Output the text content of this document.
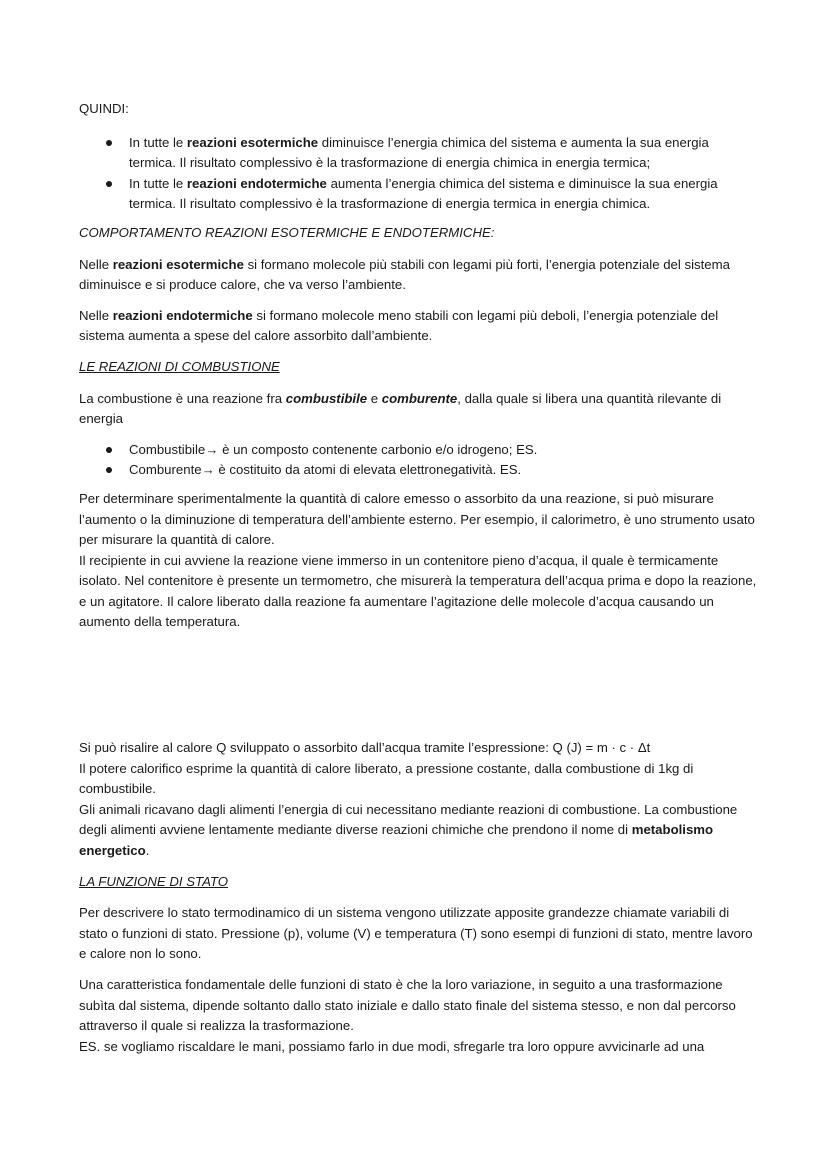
QUINDI:

In tutte le reazioni esotermiche diminuisce l’energia chimica del sistema e aumenta la sua energia termica. Il risultato complessivo è la trasformazione di energia chimica in energia termica;
In tutte le reazioni endotermiche aumenta l’energia chimica del sistema e diminuisce la sua energia termica. Il risultato complessivo è la trasformazione di energia termica in energia chimica.

COMPORTAMENTO REAZIONI ESOTERMICHE E ENDOTERMICHE:

Nelle reazioni esotermiche si formano molecole più stabili con legami più forti, l’energia potenziale del sistema diminuisce e si produce calore, che va verso l’ambiente.

Nelle reazioni endotermiche si formano molecole meno stabili con legami più deboli, l’energia potenziale del sistema aumenta a spese del calore assorbito dall’ambiente.

LE REAZIONI DI COMBUSTIONE

La combustione è una reazione fra combustibile e comburente, dalla quale si libera una quantità rilevante di energia

Combustibile→ è un composto contenente carbonio e/o idrogeno; ES.
Comburente→ è costituito da atomi di elevata elettronegatività. ES.

Per determinare sperimentalmente la quantità di calore emesso o assorbito da una reazione, si può misurare l’aumento o la diminuzione di temperatura dell’ambiente esterno. Per esempio, il calorimetro, è uno strumento usato per misurare la quantità di calore.

Il recipiente in cui avviene la reazione viene immerso in un contenitore pieno d’acqua, il quale è termicamente isolato. Nel contenitore è presente un termometro, che misurerà la temperatura dell’acqua prima e dopo la reazione, e un agitatore. Il calore liberato dalla reazione fa aumentare l’agitazione delle molecole d’acqua causando un aumento della temperatura.

Si può risalire al calore Q sviluppato o assorbito dall’acqua tramite l’espressione: Q (J) = m · c · Δt

Il potere calorifico esprime la quantità di calore liberato, a pressione costante, dalla combustione di 1kg di combustibile.

Gli animali ricavano dagli alimenti l’energia di cui necessitano mediante reazioni di combustione. La combustione degli alimenti avviene lentamente mediante diverse reazioni chimiche che prendono il nome di metabolismo energetico.

LA FUNZIONE DI STATO

Per descrivere lo stato termodinamico di un sistema vengono utilizzate apposite grandezze chiamate variabili di stato o funzioni di stato. Pressione (p), volume (V) e temperatura (T) sono esempi di funzioni di stato, mentre lavoro e calore non lo sono.

Una caratteristica fondamentale delle funzioni di stato è che la loro variazione, in seguito a una trasformazione subìta dal sistema, dipende soltanto dallo stato iniziale e dallo stato finale del sistema stesso, e non dal percorso attraverso il quale si realizza la trasformazione.

ES. se vogliamo riscaldare le mani, possiamo farlo in due modi, sfregarle tra loro oppure avvicinarle ad una
